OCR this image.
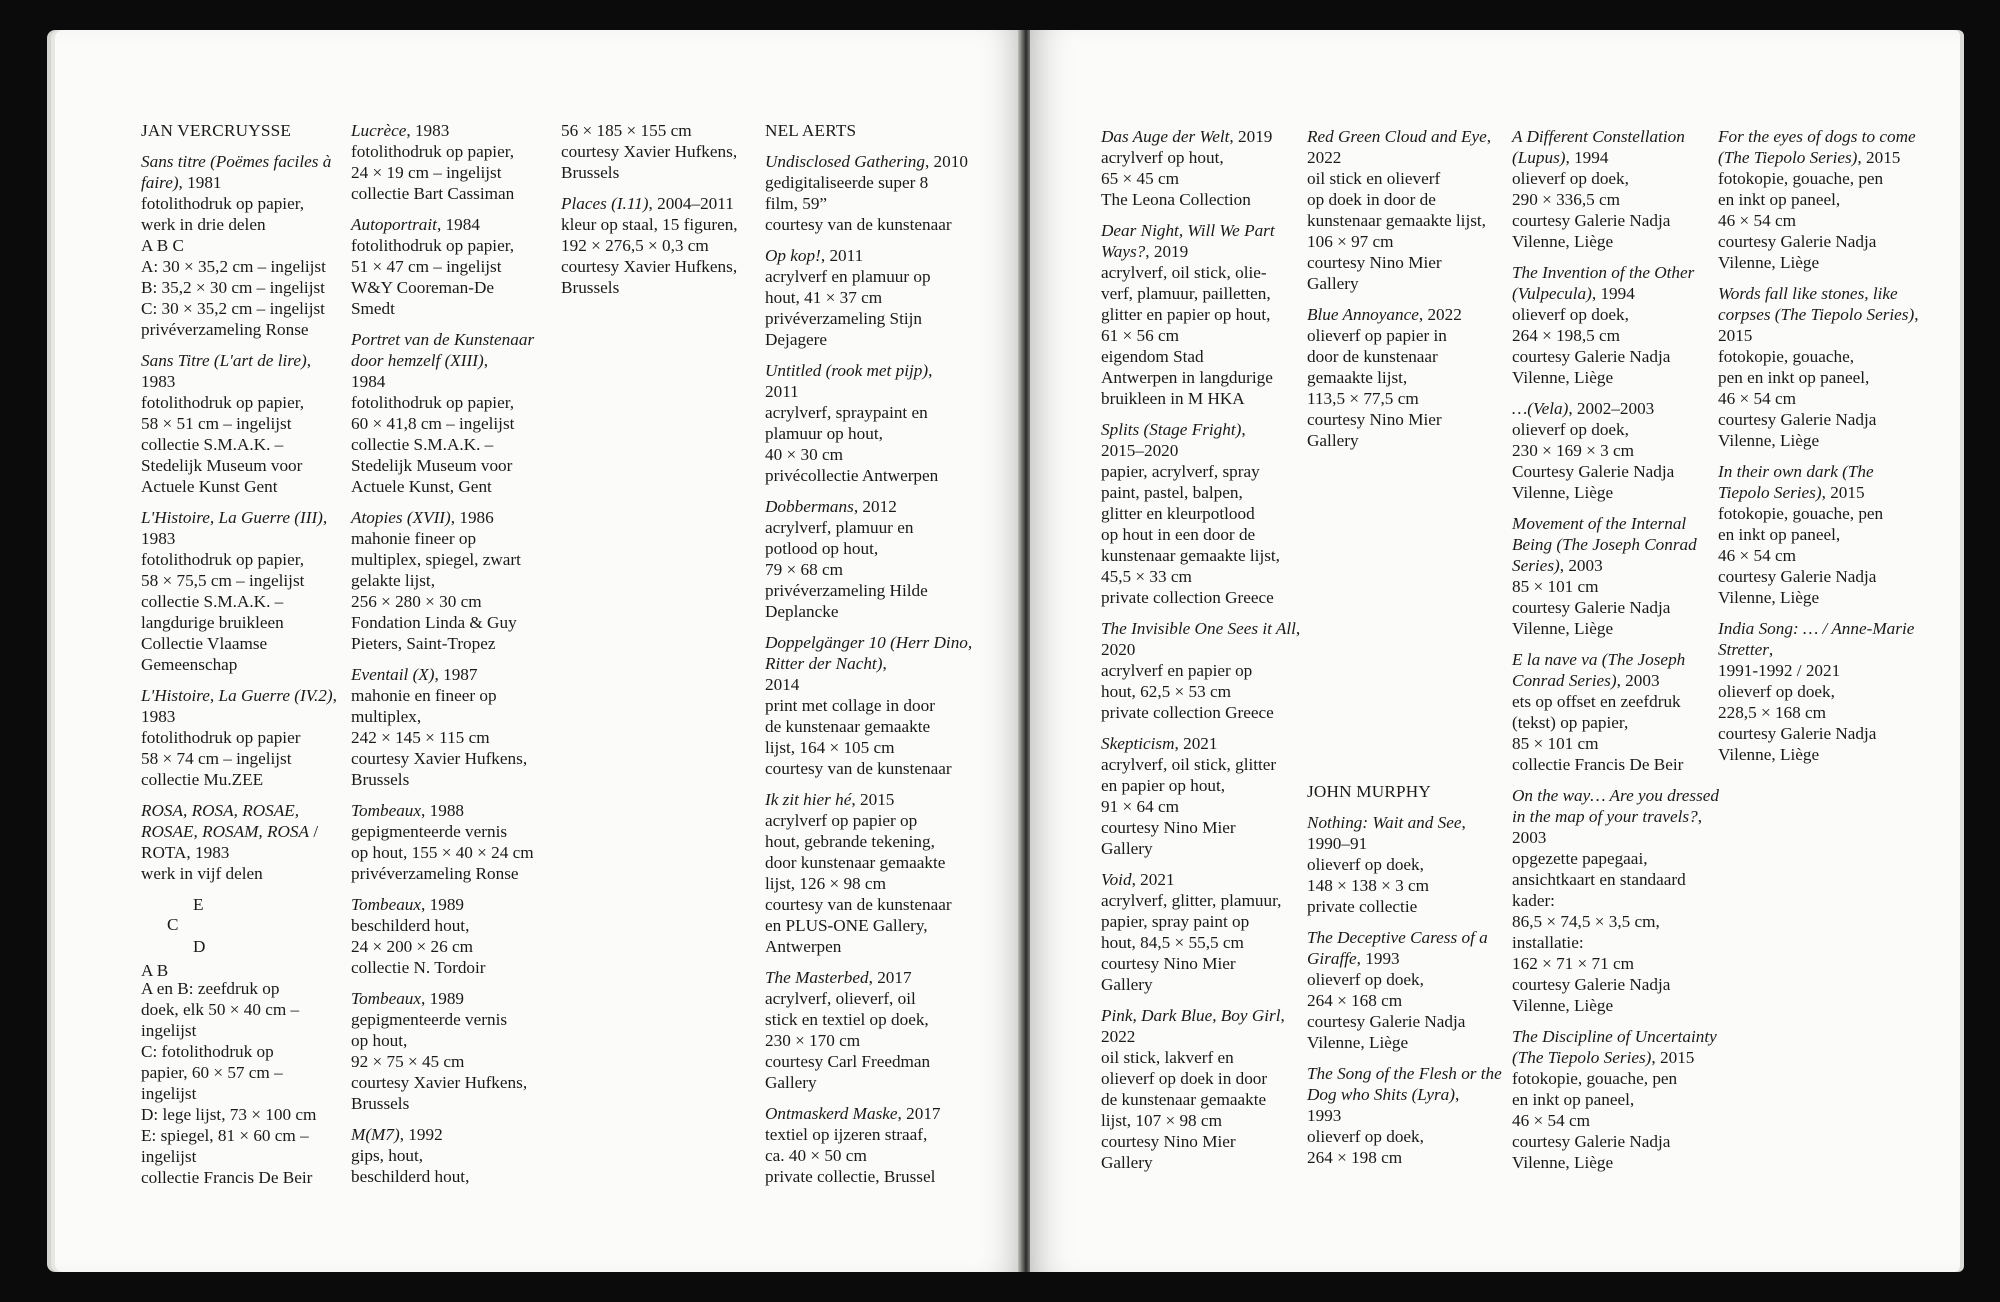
JAN VERCRUYSSE
Sans titre (Poëmes faciles à faire), 1981
fotolithodruk op papier,
werk in drie delen
A B C
A: 30 × 35,2 cm – ingelijst
B: 35,2 × 30 cm – ingelijst
C: 30 × 35,2 cm – ingelijst
privéverzameling Ronse
Sans Titre (L'art de lire),
1983
fotolithodruk op papier,
58 × 51 cm – ingelijst
collectie S.M.A.K. –
Stedelijk Museum voor
Actuele Kunst Gent
L'Histoire, La Guerre (III), 1983
fotolithodruk op papier,
58 × 75,5 cm – ingelijst
collectie S.M.A.K. –
langdurige bruikleen
Collectie Vlaamse
Gemeenschap
L'Histoire, La Guerre (IV.2), 1983
fotolithodruk op papier
58 × 74 cm – ingelijst
collectie Mu.ZEE
ROSA, ROSA, ROSAE, ROSAE, ROSAM, ROSA / ROTA, 1983
werk in vijf delen
E
C
D
A B
A en B: zeefdruk op
doek, elk 50 × 40 cm –
ingelijst
C: fotolithodruk op
papier, 60 × 57 cm –
ingelijst
D: lege lijst, 73 × 100 cm
E: spiegel, 81 × 60 cm –
ingelijst
collectie Francis De Beir
Lucrèce, 1983
fotolithodruk op papier,
24 × 19 cm – ingelijst
collectie Bart Cassiman
Autoportrait, 1984
fotolithodruk op papier,
51 × 47 cm – ingelijst
W&Y Cooreman-De
Smedt
Portret van de Kunstenaar door hemzelf (XIII),
1984
fotolithodruk op papier,
60 × 41,8 cm – ingelijst
collectie S.M.A.K. –
Stedelijk Museum voor
Actuele Kunst, Gent
Atopies (XVII), 1986
mahonie fineer op
multiplex, spiegel, zwart
gelakte lijst,
256 × 280 × 30 cm
Fondation Linda & Guy
Pieters, Saint-Tropez
Eventail (X), 1987
mahonie en fineer op
multiplex,
242 × 145 × 115 cm
courtesy Xavier Hufkens,
Brussels
Tombeaux, 1988
gepigmenteerde vernis
op hout, 155 × 40 × 24 cm
privéverzameling Ronse
Tombeaux, 1989
beschilderd hout,
24 × 200 × 26 cm
collectie N. Tordoir
Tombeaux, 1989
gepigmenteerde vernis
op hout,
92 × 75 × 45 cm
courtesy Xavier Hufkens,
Brussels
M(M7), 1992
gips, hout,
beschilderd hout,
56 × 185 × 155 cm
courtesy Xavier Hufkens,
Brussels
Places (I.11), 2004–2011
kleur op staal, 15 figuren,
192 × 276,5 × 0,3 cm
courtesy Xavier Hufkens,
Brussels
NEL AERTS
Undisclosed Gathering, 2010
gedigitaliseerde super 8
film, 59”
courtesy van de kunstenaar
Op kop!, 2011
acrylverf en plamuur op
hout, 41 × 37 cm
privéverzameling Stijn
Dejagere
Untitled (rook met pijp),
2011
acrylverf, spraypaint en
plamuur op hout,
40 × 30 cm
privécollectie Antwerpen
Dobbermans, 2012
acrylverf, plamuur en
potlood op hout,
79 × 68 cm
privéverzameling Hilde
Deplancke
Doppelgänger 10 (Herr Dino, Ritter der Nacht),
2014
print met collage in door
de kunstenaar gemaakte
lijst, 164 × 105 cm
courtesy van de kunstenaar
Ik zit hier hé, 2015
acrylverf op papier op
hout, gebrande tekening,
door kunstenaar gemaakte
lijst, 126 × 98 cm
courtesy van de kunstenaar
en PLUS-ONE Gallery,
Antwerpen
The Masterbed, 2017
acrylverf, olieverf, oil
stick en textiel op doek,
230 × 170 cm
courtesy Carl Freedman
Gallery
Ontmaskerd Maske, 2017
textiel op ijzeren straaf,
ca. 40 × 50 cm
private collectie, Brussel
Das Auge der Welt, 2019
acrylverf op hout,
65 × 45 cm
The Leona Collection
Dear Night, Will We Part Ways?, 2019
acrylverf, oil stick, olie-
verf, plamuur, pailletten,
glitter en papier op hout,
61 × 56 cm
eigendom Stad
Antwerpen in langdurige
bruikleen in M HKA
Splits (Stage Fright),
2015–2020
papier, acrylverf, spray
paint, pastel, balpen,
glitter en kleurpotlood
op hout in een door de
kunstenaar gemaakte lijst,
45,5 × 33 cm
private collection Greece
The Invisible One Sees it All, 2020
acrylverf en papier op
hout, 62,5 × 53 cm
private collection Greece
Skepticism, 2021
acrylverf, oil stick, glitter
en papier op hout,
91 × 64 cm
courtesy Nino Mier
Gallery
Void, 2021
acrylverf, glitter, plamuur,
papier, spray paint op
hout, 84,5 × 55,5 cm
courtesy Nino Mier
Gallery
Pink, Dark Blue, Boy Girl, 2022
oil stick, lakverf en
olieverf op doek in door
de kunstenaar gemaakte
lijst, 107 × 98 cm
courtesy Nino Mier
Gallery
Red Green Cloud and Eye,
2022
oil stick en olieverf
op doek in door de
kunstenaar gemaakte lijst,
106 × 97 cm
courtesy Nino Mier
Gallery
Blue Annoyance, 2022
olieverf op papier in
door de kunstenaar
gemaakte lijst,
113,5 × 77,5 cm
courtesy Nino Mier
Gallery
JOHN MURPHY
Nothing: Wait and See,
1990–91
olieverf op doek,
148 × 138 × 3 cm
private collectie
The Deceptive Caress of a Giraffe, 1993
olieverf op doek,
264 × 168 cm
courtesy Galerie Nadja
Vilenne, Liège
The Song of the Flesh or the Dog who Shits (Lyra),
1993
olieverf op doek,
264 × 198 cm
A Different Constellation (Lupus), 1994
olieverf op doek,
290 × 336,5 cm
courtesy Galerie Nadja
Vilenne, Liège
The Invention of the Other (Vulpecula), 1994
olieverf op doek,
264 × 198,5 cm
courtesy Galerie Nadja
Vilenne, Liège
…(Vela), 2002–2003
olieverf op doek,
230 × 169 × 3 cm
Courtesy Galerie Nadja
Vilenne, Liège
Movement of the Internal Being (The Joseph Conrad Series), 2003
85 × 101 cm
courtesy Galerie Nadja
Vilenne, Liège
E la nave va (The Joseph Conrad Series), 2003
ets op offset en zeefdruk
(tekst) op papier,
85 × 101 cm
collectie Francis De Beir
On the way… Are you dressed in the map of your travels?, 2003
opgezette papegaai,
ansichtkaart en standaard
kader:
86,5 × 74,5 × 3,5 cm,
installatie:
162 × 71 × 71 cm
courtesy Galerie Nadja
Vilenne, Liège
The Discipline of Uncertainty (The Tiepolo Series), 2015
fotokopie, gouache, pen
en inkt op paneel,
46 × 54 cm
courtesy Galerie Nadja
Vilenne, Liège
For the eyes of dogs to come (The Tiepolo Series), 2015
fotokopie, gouache, pen
en inkt op paneel,
46 × 54 cm
courtesy Galerie Nadja
Vilenne, Liège
Words fall like stones, like corpses (The Tiepolo Series), 2015
fotokopie, gouache,
pen en inkt op paneel,
46 × 54 cm
courtesy Galerie Nadja
Vilenne, Liège
In their own dark (The Tiepolo Series), 2015
fotokopie, gouache, pen
en inkt op paneel,
46 × 54 cm
courtesy Galerie Nadja
Vilenne, Liège
India Song: … / Anne-Marie Stretter,
1991-1992 / 2021
olieverf op doek,
228,5 × 168 cm
courtesy Galerie Nadja
Vilenne, Liège
